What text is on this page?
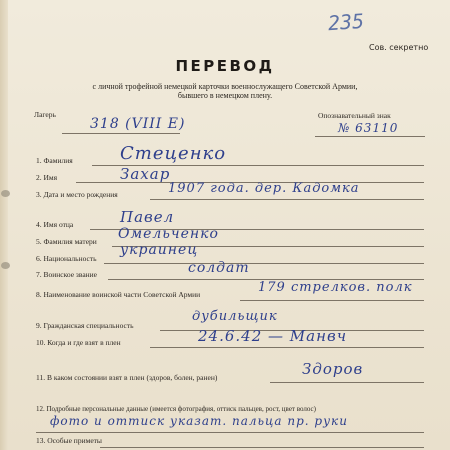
235
Сов. секретно
ПЕРЕВОД
с личной трофейной немецкой карточки военнослужащего Советской Армии,
бывшего в немецком плену.
Лагерь
318 (VIII E)
Опознавательный знак
№ 63110
1. Фамилия	Стеценко
2. Имя	Захар
3. Дата и место рождения	1907 года. дер. Кадомка
4. Имя отца	Павел
5. Фамилия матери Омельченко
6. Национальность
украинец
7. Воинское звание	солдат
8. Наименование воинской части Советской Армии	179 стрелков. полк
9. Гражданская специальность
дубильщик
10. Когда и где взят в плен	24.6.42 — Манвч
11. В каком состоянии взят в плен (здоров, болен, ранен)	Здоров
12. Подробные персональные данные (имеется фотография, оттиск пальцев, рост, цвет волос)
фото и оттиск указат. пальца пр. руки
13. Особые приметы
